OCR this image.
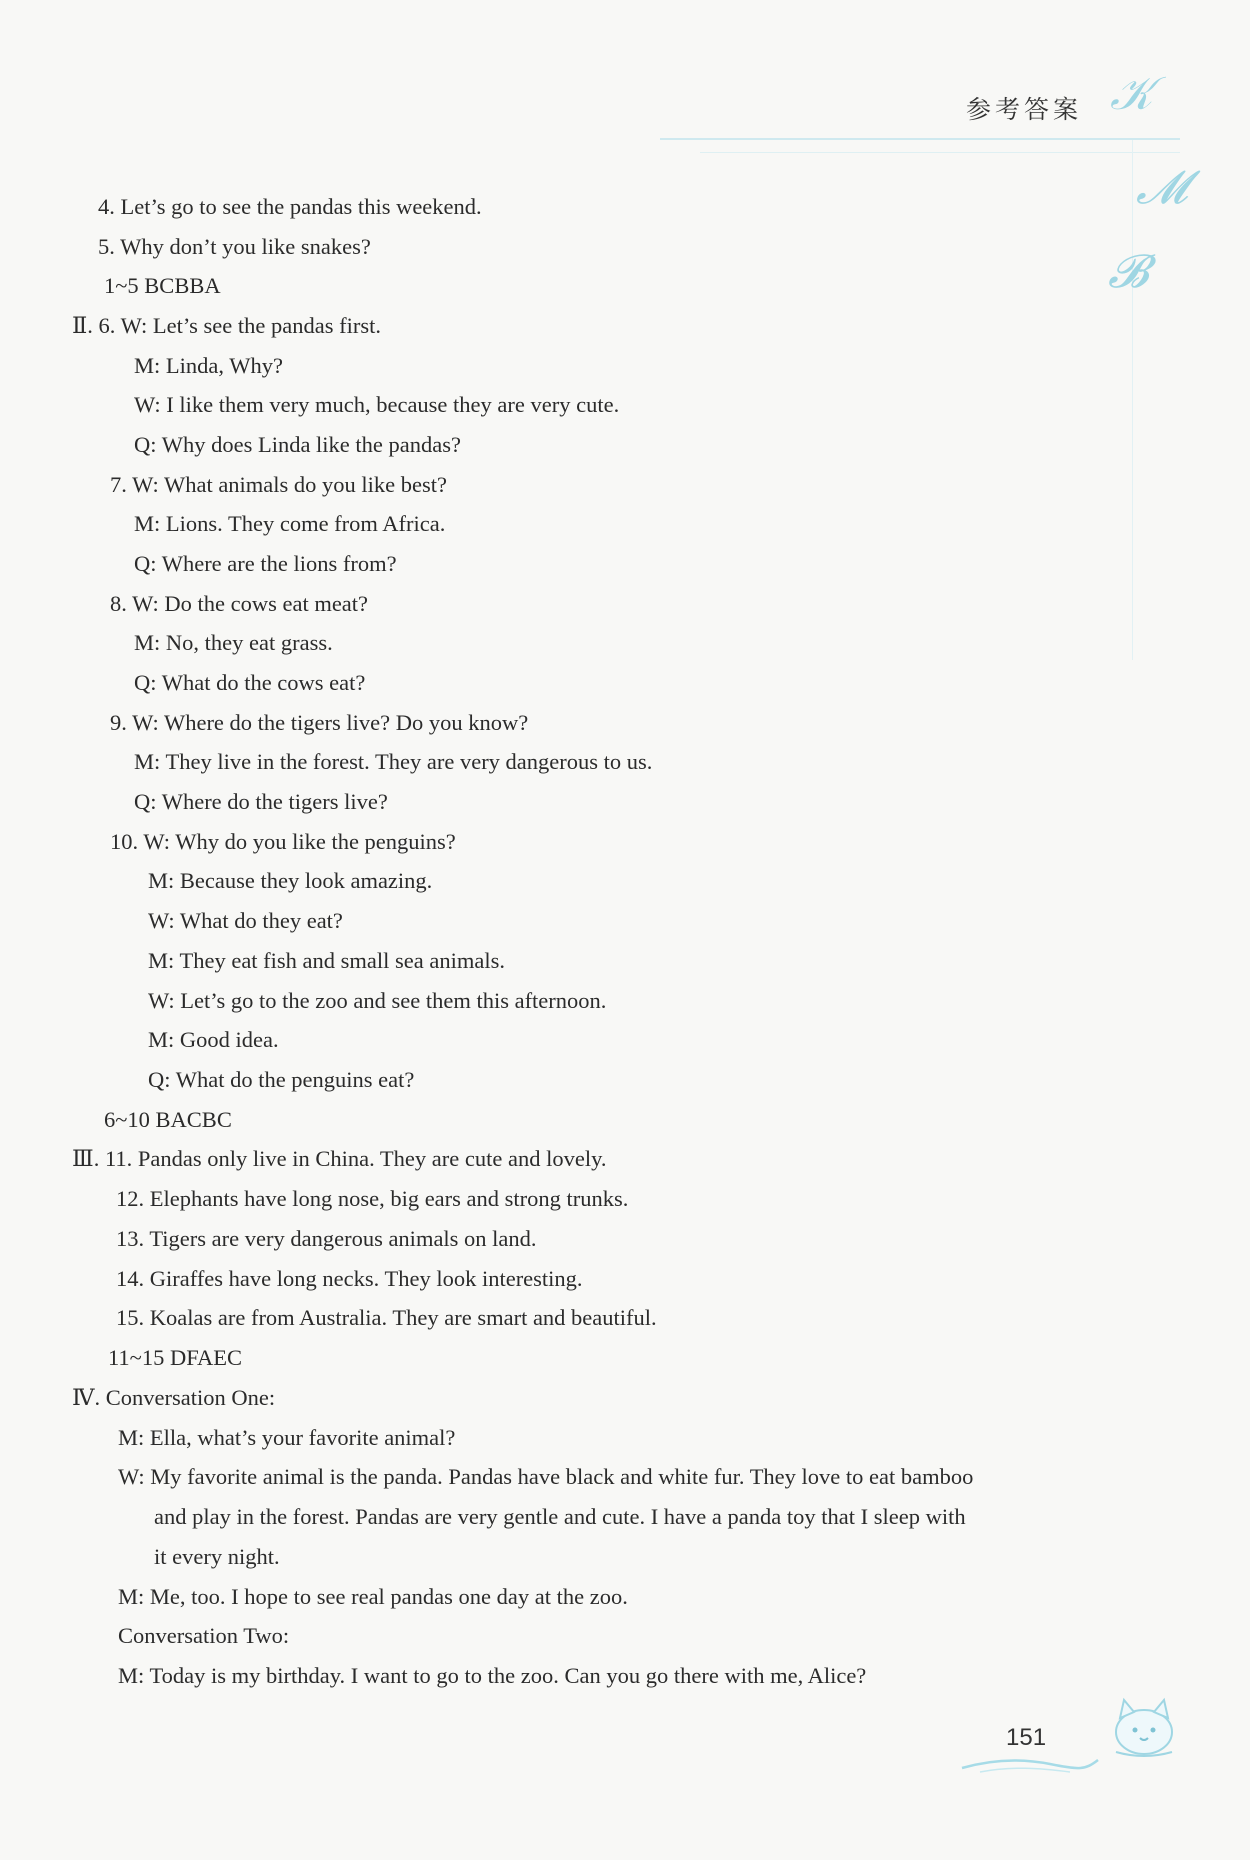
参考答案 𝒦
𝓜
𝓑
4. Let’s go to see the pandas this weekend.
5. Why don’t you like snakes?
1~5 BCBBA
Ⅱ. 6. W: Let’s see the pandas first.
M: Linda, Why?
W: I like them very much, because they are very cute.
Q: Why does Linda like the pandas?
7. W: What animals do you like best?
M: Lions. They come from Africa.
Q: Where are the lions from?
8. W: Do the cows eat meat?
M: No, they eat grass.
Q: What do the cows eat?
9. W: Where do the tigers live? Do you know?
M: They live in the forest. They are very dangerous to us.
Q: Where do the tigers live?
10. W: Why do you like the penguins?
M: Because they look amazing.
W: What do they eat?
M: They eat fish and small sea animals.
W: Let’s go to the zoo and see them this afternoon.
M: Good idea.
Q: What do the penguins eat?
6~10 BACBC
Ⅲ. 11. Pandas only live in China. They are cute and lovely.
12. Elephants have long nose, big ears and strong trunks.
13. Tigers are very dangerous animals on land.
14. Giraffes have long necks. They look interesting.
15. Koalas are from Australia. They are smart and beautiful.
11~15 DFAEC
Ⅳ. Conversation One:
M: Ella, what’s your favorite animal?
W: My favorite animal is the panda. Pandas have black and white fur. They love to eat bamboo
and play in the forest. Pandas are very gentle and cute. I have a panda toy that I sleep with
it every night.
M: Me, too. I hope to see real pandas one day at the zoo.
Conversation Two:
M: Today is my birthday. I want to go to the zoo. Can you go there with me, Alice?
151
